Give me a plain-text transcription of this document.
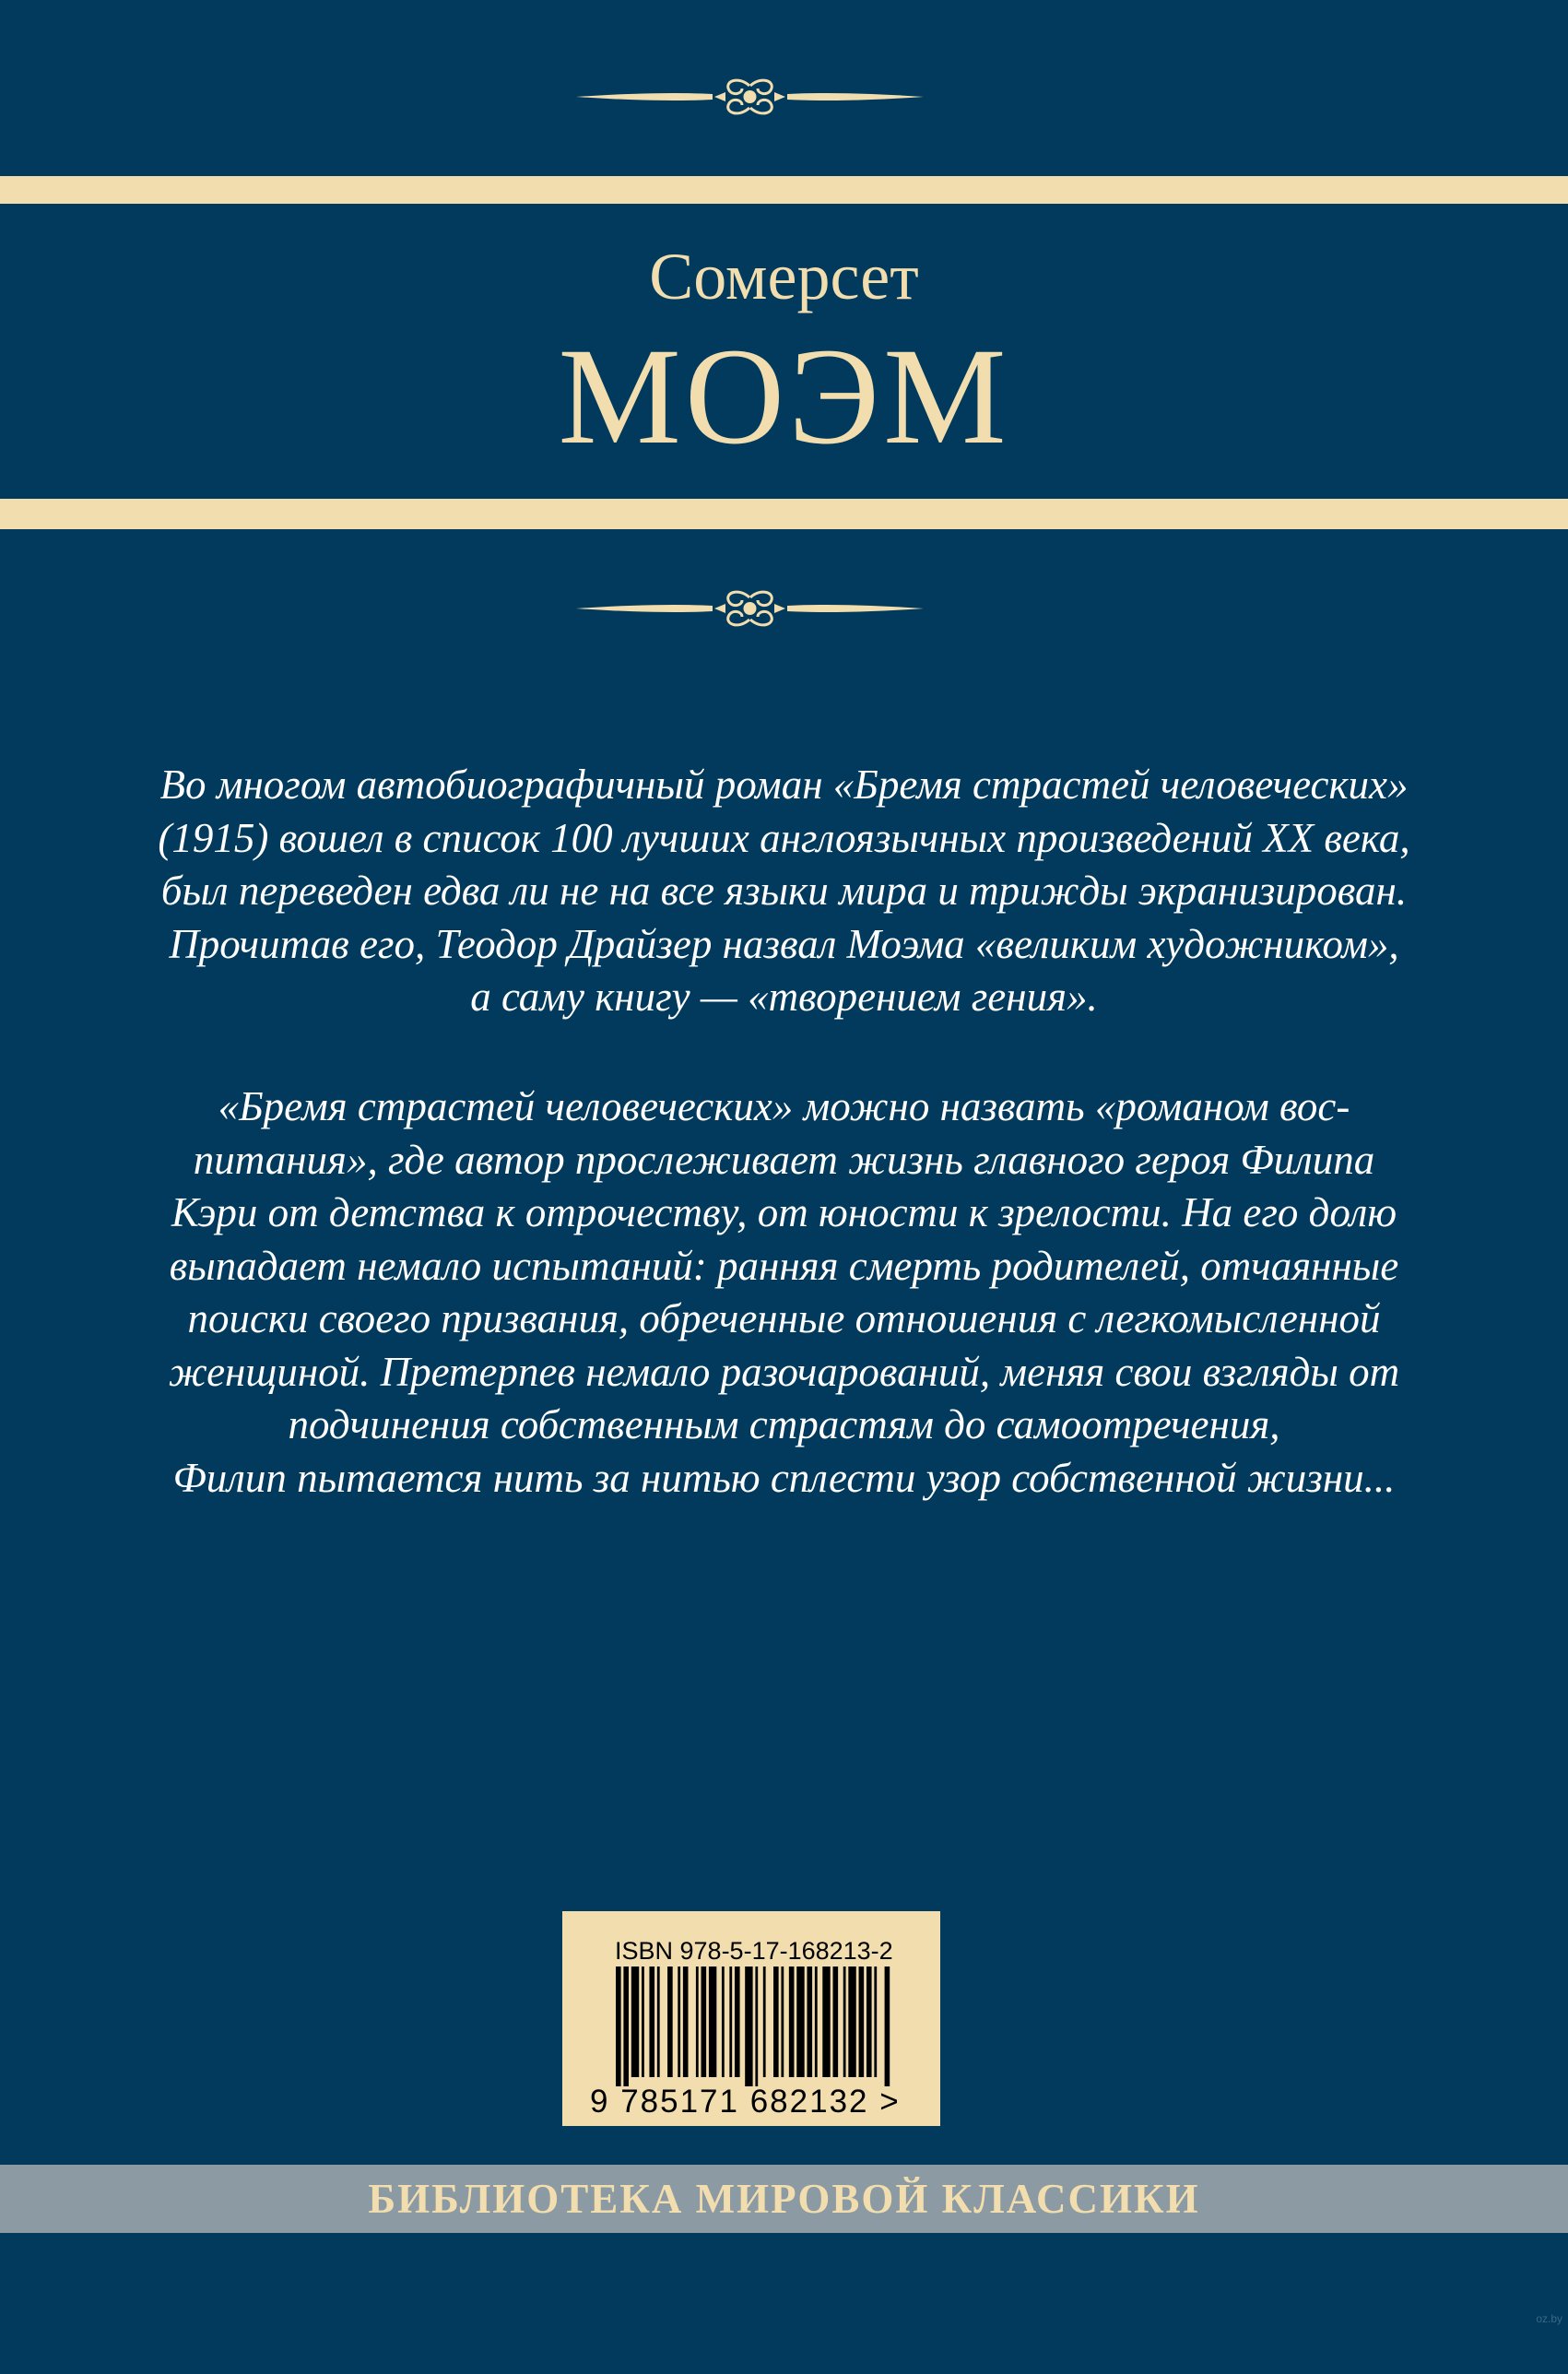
Сомерсет
МОЭМ

Во многом автобиографичный роман «Бремя страстей человеческих»
(1915) вошел в список 100 лучших англоязычных произведений XX века,
был переведен едва ли не на все языки мира и трижды экранизирован.
Прочитав его, Теодор Драйзер назвал Моэма «великим художником»,
а саму книгу — «творением гения».

«Бремя страстей человеческих» можно назвать «романом вос-
питания», где автор прослеживает жизнь главного героя Филипа
Кэри от детства к отрочеству, от юности к зрелости. На его долю
выпадает немало испытаний: ранняя смерть родителей, отчаянные
поиски своего призвания, обреченные отношения с легкомысленной
женщиной. Претерпев немало разочарований, меняя свои взгляды от
подчинения собственным страстям до самоотречения,
Филип пытается нить за нитью сплести узор собственной жизни...

ISBN 978-5-17-168213-2
9 785171 682132 >
БИБЛИОТЕКА МИРОВОЙ КЛАССИКИ
oz.by
